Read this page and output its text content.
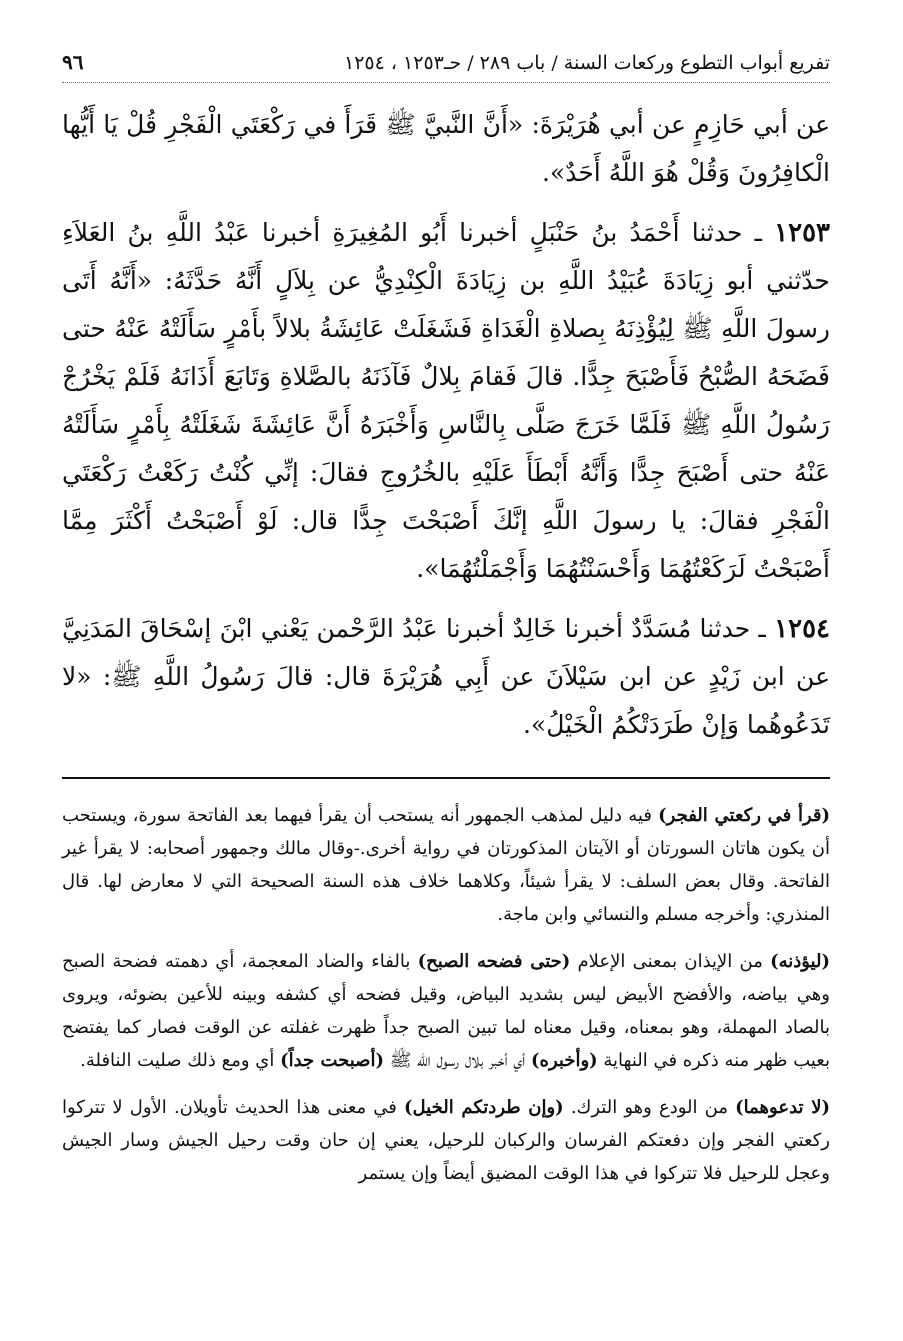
تفريع أبواب التطوع وركعات السنة / باب ٢٨٩ / حـ١٢٥٣ ، ١٢٥٤
٩٦

عن أبي حَازِمٍ عن أبي هُرَيْرَةَ: «أَنَّ النَّبيَّ ﷺ قَرَأَ في رَكْعَتَي الْفَجْرِ قُلْ يَا أَيُّها الْكافِرُونَ وَقُلْ هُوَ اللَّهُ أَحَدٌ».

١٢٥٣ ـ حدثنا أَحْمَدُ بنُ حَنْبَلٍ أخبرنا أَبُو المُغِيرَةِ أخبرنا عَبْدُ اللَّهِ بنُ العَلاَءِ حدّثني أبو زِيَادَةَ عُبَيْدُ اللَّهِ بن زِيَادَةَ الْكِنْدِيُّ عن بِلاَلٍ أَنَّهُ حَدَّثَهُ: «أَنَّهُ أَتَى رسولَ اللَّهِ ﷺ لِيُؤْذِنَهُ بِصلاةِ الْغَدَاةِ فَشَغَلَتْ عَائِشَةُ بلالاً بأَمْرٍ سَأَلَتْهُ عَنْهُ حتى فَضَحَهُ الصُّبْحُ فَأَصْبَحَ جِدًّا. قالَ فَقامَ بِلالٌ فَآذَنَهُ بالصَّلاةِ وَتَابَعَ أَذَانَهُ فَلَمْ يَخْرُجْ رَسُولُ اللَّهِ ﷺ فَلَمَّا خَرَجَ صَلَّى بِالنَّاسِ وَأَخْبَرَهُ أَنَّ عَائِشَةَ شَغَلَتْهُ بِأَمْرٍ سَأَلَتْهُ عَنْهُ حتى أَصْبَحَ جِدًّا وَأَنَّهُ أَبْطَأَ عَلَيْهِ بالخُرُوجِ فقالَ: إنِّي كُنْتُ رَكَعْتُ رَكْعَتَي الْفَجْرِ فقالَ: يا رسولَ اللَّهِ إنَّكَ أَصْبَحْتَ جِدًّا قال: لَوْ أَصْبَحْتُ أَكْثَرَ مِمَّا أَصْبَحْتُ لَرَكَعْتُهُمَا وَأَحْسَنْتُهُمَا وَأَجْمَلْتُهُمَا».

١٢٥٤ ـ حدثنا مُسَدَّدٌ أخبرنا خَالِدٌ أخبرنا عَبْدُ الرَّحْمن يَعْني ابْنَ إسْحَاقَ المَدَنِيَّ عن ابن زَيْدٍ عن ابن سَيْلاَنَ عن أَبِي هُرَيْرَةَ قال: قالَ رَسُولُ اللَّهِ ﷺ: «لا تَدَعُوهُما وَإنْ طَرَدَتْكُمُ الْخَيْلُ».

(قرأ في ركعتي الفجر) فيه دليل لمذهب الجمهور أنه يستحب أن يقرأ فيهما بعد الفاتحة سورة، ويستحب أن يكون هاتان السورتان أو الآيتان المذكورتان في رواية أخرى.-وقال مالك وجمهور أصحابه: لا يقرأ غير الفاتحة. وقال بعض السلف: لا يقرأ شيئاً، وكلاهما خلاف هذه السنة الصحيحة التي لا معارض لها. قال المنذري: وأخرجه مسلم والنسائي وابن ماجة.

(ليؤذنه) من الإيذان بمعنى الإعلام (حتى فضحه الصبح) بالفاء والضاد المعجمة، أي دهمته فضحة الصبح وهي بياضه، والأفضح الأبيض ليس بشديد البياض، وقيل فضحه أي كشفه وبينه للأعين بضوئه، ويروى بالصاد المهملة، وهو بمعناه، وقيل معناه لما تبين الصبح جداً ظهرت غفلته عن الوقت فصار كما يفتضح بعيب ظهر منه ذكره في النهاية (وأخبره) أي أخبر بلال رسول الله ﷺ (أصبحت جداً) أي ومع ذلك صليت النافلة.

(لا تدعوهما) من الودع وهو الترك. (وإن طردتكم الخيل) في معنى هذا الحديث تأويلان. الأول لا تتركوا ركعتي الفجر وإن دفعتكم الفرسان والركبان للرحيل، يعني إن حان وقت رحيل الجيش وسار الجيش وعجل للرحيل فلا تتركوا في هذا الوقت المضيق أيضاً وإن يستمر
